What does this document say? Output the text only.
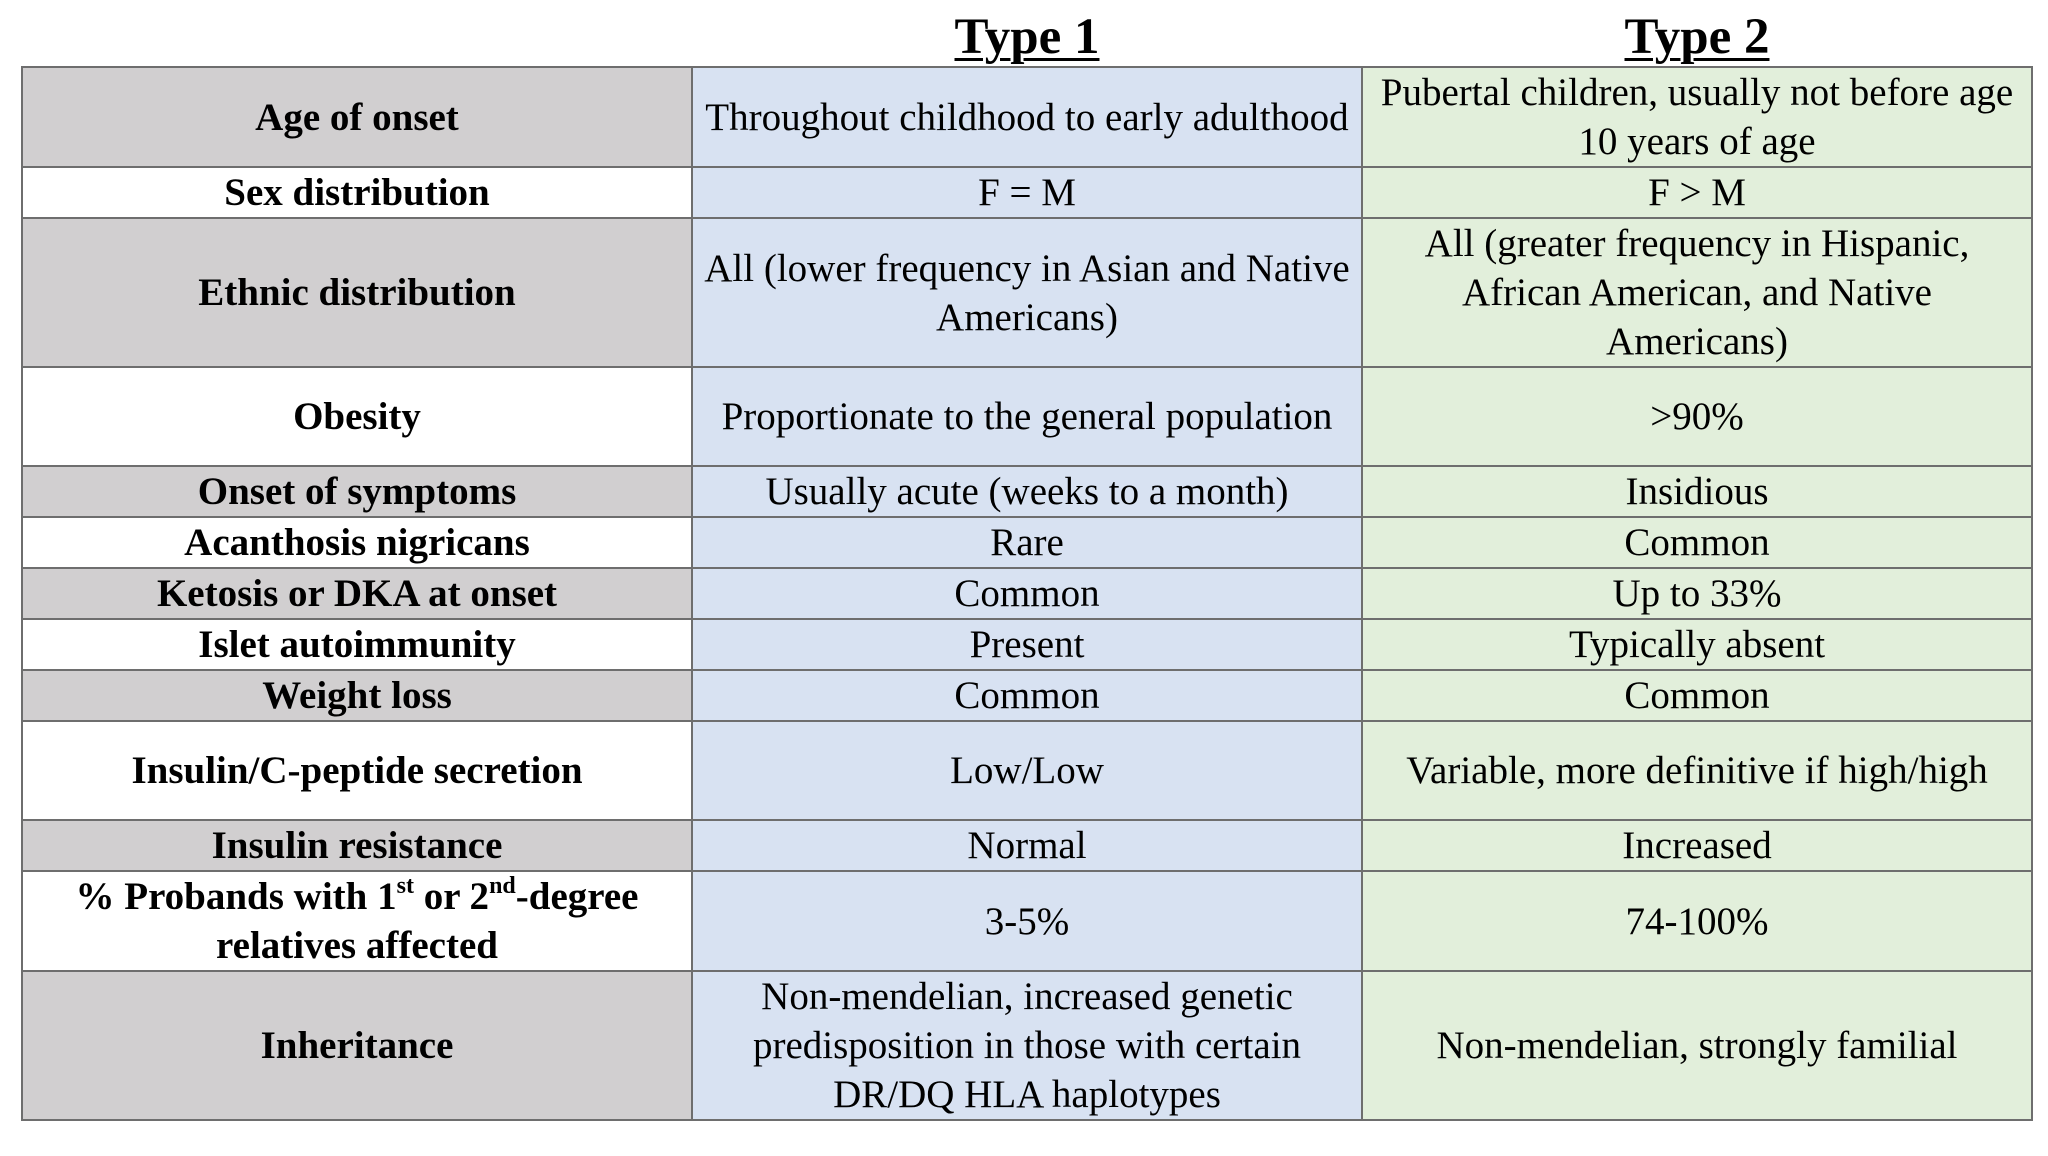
	Type 1	Type 2
Age of onset	Throughout childhood to early adulthood	Pubertal children, usually not before age 10 years of age
Sex distribution	F = M	F > M
Ethnic distribution	All (lower frequency in Asian and Native Americans)	All (greater frequency in Hispanic, African American, and Native Americans)
Obesity	Proportionate to the general population	>90%
Onset of symptoms	Usually acute (weeks to a month)	Insidious
Acanthosis nigricans	Rare	Common
Ketosis or DKA at onset	Common	Up to 33%
Islet autoimmunity	Present	Typically absent
Weight loss	Common	Common
Insulin/C-peptide secretion	Low/Low	Variable, more definitive if high/high
Insulin resistance	Normal	Increased
% Probands with 1st or 2nd-degree relatives affected	3-5%	74-100%
Inheritance	Non-mendelian, increased genetic predisposition in those with certain DR/DQ HLA haplotypes	Non-mendelian, strongly familial
